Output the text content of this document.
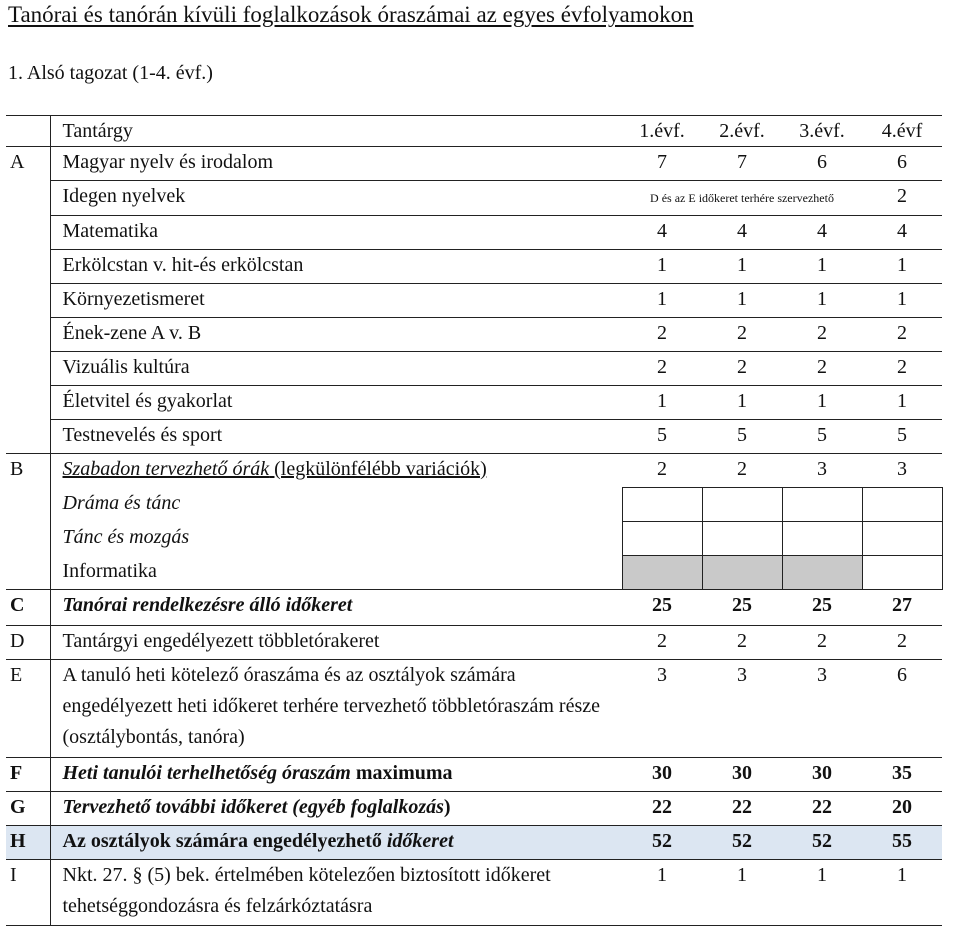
Tanórai és tanórán kívüli foglalkozások óraszámai az egyes évfolyamokon
1. Alsó tagozat (1-4. évf.)
	Tantárgy	1.évf.	2.évf.	3.évf.	4.évf
A	Magyar nyelv és irodalom	7	7	6	6
	Idegen nyelvek	D és az E időkeret terhére szervezhető			2
	Matematika	4	4	4	4
	Erkölcstan v. hit-és erkölcstan	1	1	1	1
	Környezetismeret	1	1	1	1
	Ének-zene A v. B	2	2	2	2
	Vizuális kultúra	2	2	2	2
	Életvitel és gyakorlat	1	1	1	1
	Testnevelés és sport	5	5	5	5
B	Szabadon tervezhető órák (legkülönfélébb variációk)	2	2	3	3
	Dráma és tánc				
	Tánc és mozgás				
	Informatika				
C	Tanórai rendelkezésre álló időkeret	25	25	25	27
D	Tantárgyi engedélyezett többletórakeret	2	2	2	2
E	A tanuló heti kötelező óraszáma és az osztályok számára engedélyezett heti időkeret terhére tervezhető többletóraszám része (osztálybontás, tanóra)	3	3	3	6
F	Heti tanulói terhelhetőség óraszám maximuma	30	30	30	35
G	Tervezhető további időkeret (egyéb foglalkozás)	22	22	22	20
H	Az osztályok számára engedélyezhető időkeret	52	52	52	55
I	Nkt. 27. § (5) bek. értelmében kötelezően biztosított időkeret tehetséggondozásra és felzárkóztatásra	1	1	1	1
